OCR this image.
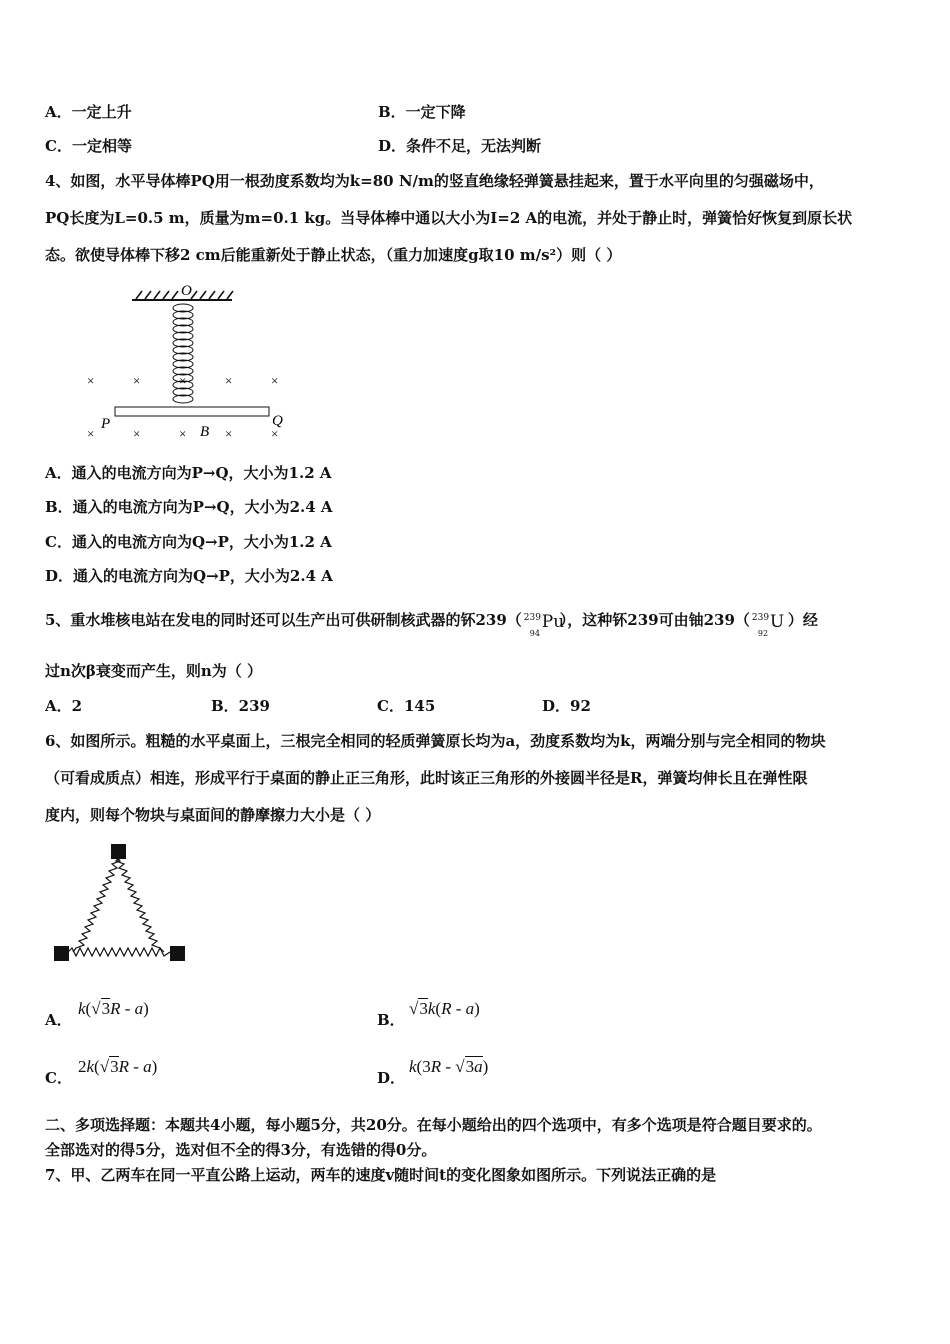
A．一定上升	B．一定下降
C．一定相等	D．条件不足，无法判断
4、如图，水平导体棒PQ用一根劲度系数均为k=80 N/m的竖直绝缘轻弹簧悬挂起来，置于水平向里的匀强磁场中，
PQ长度为L=0.5 m，质量为m=0.1 kg。当导体棒中通以大小为I=2 A的电流，并处于静止时，弹簧恰好恢复到原长状
态。欲使导体棒下移2 cm后能重新处于静止状态，（重力加速度g取10 m/s²）则（ ）
O
×	×	×	×	×
×	×	×	×	×
P	Q
B
A．通入的电流方向为P→Q，大小为1.2 A
B．通入的电流方向为P→Q，大小为2.4 A
C．通入的电流方向为Q→P，大小为1.2 A
D．通入的电流方向为Q→P，大小为2.4 A
5、重水堆核电站在发电的同时还可以生产出可供研制核武器的钚239（ 239
94
Pu
），这种钚239可由铀239（ 239
92
U ）经
过n次β衰变而产生，则n为（ ）
A．2	B．239	C．145	D．92
6、如图所示。粗糙的水平桌面上，三根完全相同的轻质弹簧原长均为a，劲度系数均为k，两端分别与完全相同的物块
（可看成质点）相连，形成平行于桌面的静止正三角形，此时该正三角形的外接圆半径是R，弹簧均伸长且在弹性限
度内，则每个物块与桌面间的静摩擦力大小是（ ）
A．
k(√3R - a)
B．
√3k(R - a)
C．
2k(√3R - a)
D．
k(3R - √3a)
二、多项选择题：本题共4小题，每小题5分，共20分。在每小题给出的四个选项中，有多个选项是符合题目要求的。
全部选对的得5分，选对但不全的得3分，有选错的得0分。
7、甲、乙两车在同一平直公路上运动，两车的速度v随时间t的变化图象如图所示。下列说法正确的是
